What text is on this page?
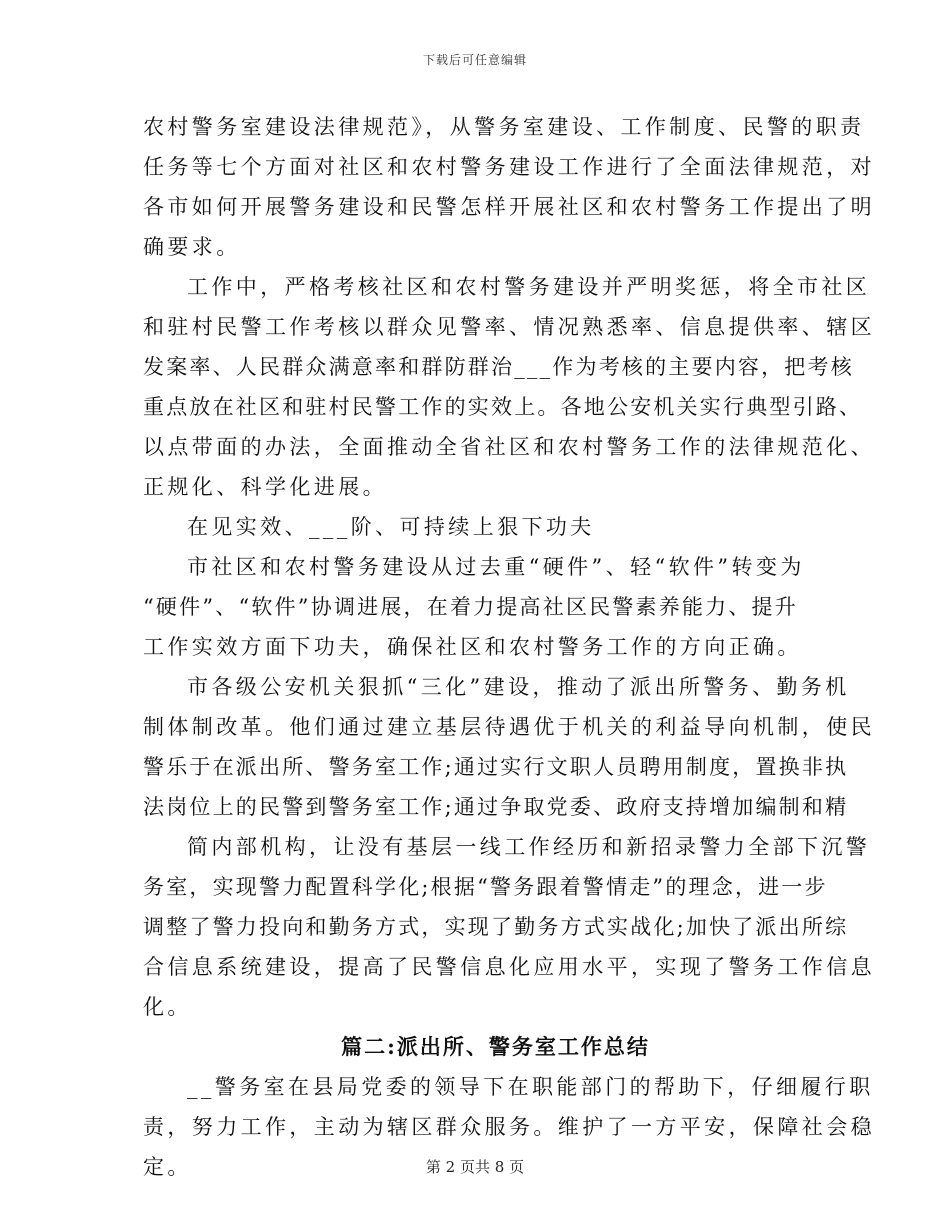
下载后可任意编辑
农村警务室建设法律规范》，从警务室建设、工作制度、民警的职责
任务等七个方面对社区和农村警务建设工作进行了全面法律规范，对
各市如何开展警务建设和民警怎样开展社区和农村警务工作提出了明
确要求。
工作中，严格考核社区和农村警务建设并严明奖惩，将全市社区
和驻村民警工作考核以群众见警率、情况熟悉率、信息提供率、辖区
发案率、人民群众满意率和群防群治___作为考核的主要内容，把考核
重点放在社区和驻村民警工作的实效上。各地公安机关实行典型引路、
以点带面的办法，全面推动全省社区和农村警务工作的法律规范化、
正规化、科学化进展。
在见实效、___阶、可持续上狠下功夫
市社区和农村警务建设从过去重“硬件”、轻“软件”转变为
“硬件”、“软件”协调进展，在着力提高社区民警素养能力、提升
工作实效方面下功夫，确保社区和农村警务工作的方向正确。
市各级公安机关狠抓“三化”建设，推动了派出所警务、勤务机
制体制改革。他们通过建立基层待遇优于机关的利益导向机制，使民
警乐于在派出所、警务室工作;通过实行文职人员聘用制度，置换非执
法岗位上的民警到警务室工作;通过争取党委、政府支持增加编制和精
简内部机构，让没有基层一线工作经历和新招录警力全部下沉警
务室，实现警力配置科学化;根据“警务跟着警情走”的理念，进一步
调整了警力投向和勤务方式，实现了勤务方式实战化;加快了派出所综
合信息系统建设，提高了民警信息化应用水平，实现了警务工作信息
化。
篇二:派出所、警务室工作总结
__警务室在县局党委的领导下在职能部门的帮助下，仔细履行职
责，努力工作，主动为辖区群众服务。维护了一方平安，保障社会稳
定。	第 2 页共 8 页
